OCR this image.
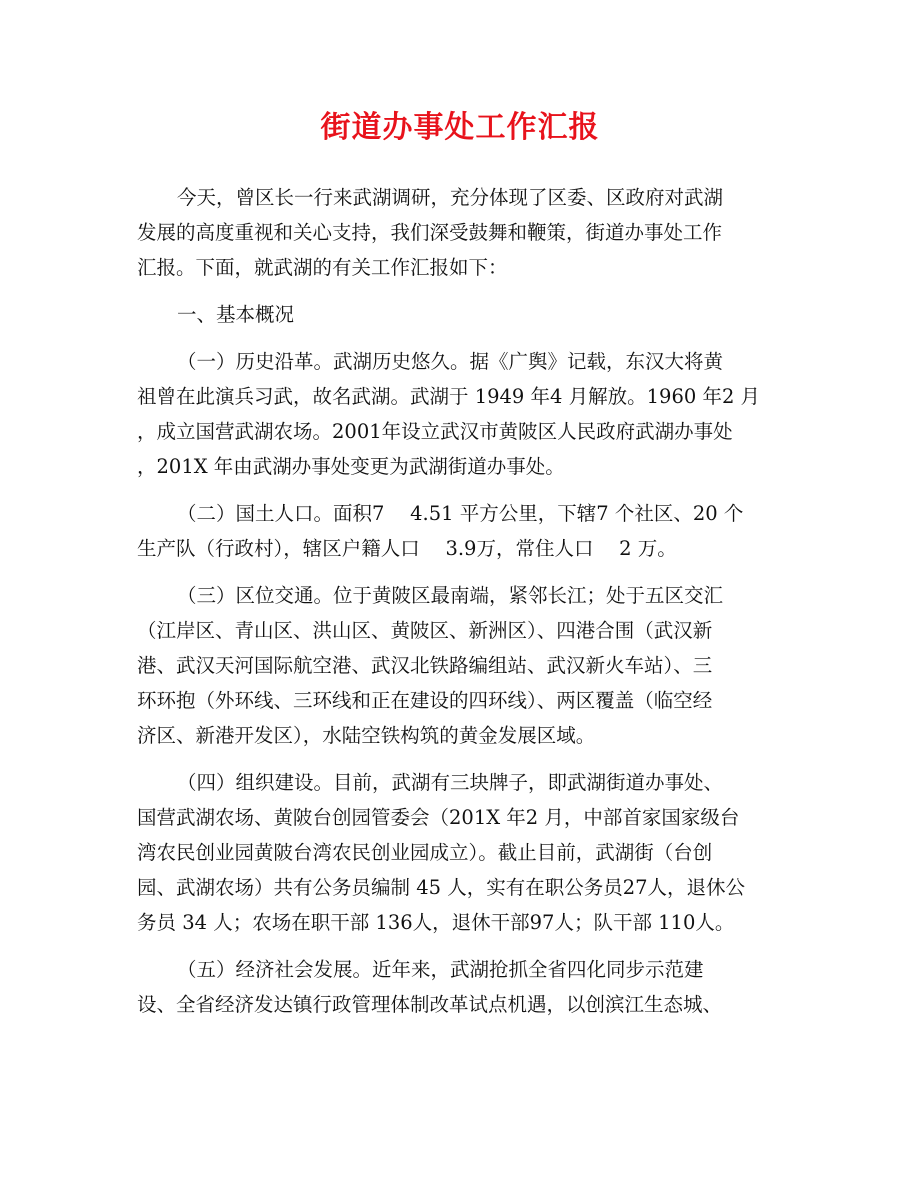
街道办事处工作汇报
今天，曾区长一行来武湖调研，充分体现了区委、区政府对武湖
发展的高度重视和关心支持，我们深受鼓舞和鞭策，街道办事处工作
汇报。下面，就武湖的有关工作汇报如下：
一、基本概况
（一）历史沿革。武湖历史悠久。据《广舆》记载，东汉大将黄
祖曾在此演兵习武，故名武湖。武湖于 1949 年4 月解放。1960 年2 月
，成立国营武湖农场。2001年设立武汉市黄陂区人民政府武湖办事处
，201X 年由武湖办事处变更为武湖街道办事处。
（二）国土人口。面积7　 4.51 平方公里，下辖7 个社区、20 个
生产队（行政村），辖区户籍人口　 3.9万，常住人口　 2 万。
（三）区位交通。位于黄陂区最南端，紧邻长江；处于五区交汇
（江岸区、青山区、洪山区、黄陂区、新洲区）、四港合围（武汉新
港、武汉天河国际航空港、武汉北铁路编组站、武汉新火车站）、三
环环抱（外环线、三环线和正在建设的四环线）、两区覆盖（临空经
济区、新港开发区），水陆空铁构筑的黄金发展区域。
（四）组织建设。目前，武湖有三块牌子，即武湖街道办事处、
国营武湖农场、黄陂台创园管委会（201X 年2 月，中部首家国家级台
湾农民创业园黄陂台湾农民创业园成立）。截止目前，武湖街（台创
园、武湖农场）共有公务员编制 45 人，实有在职公务员27人，退休公
务员 34 人；农场在职干部 136人，退休干部97人；队干部 110人。
（五）经济社会发展。近年来，武湖抢抓全省四化同步示范建
设、全省经济发达镇行政管理体制改革试点机遇，以创滨江生态城、
